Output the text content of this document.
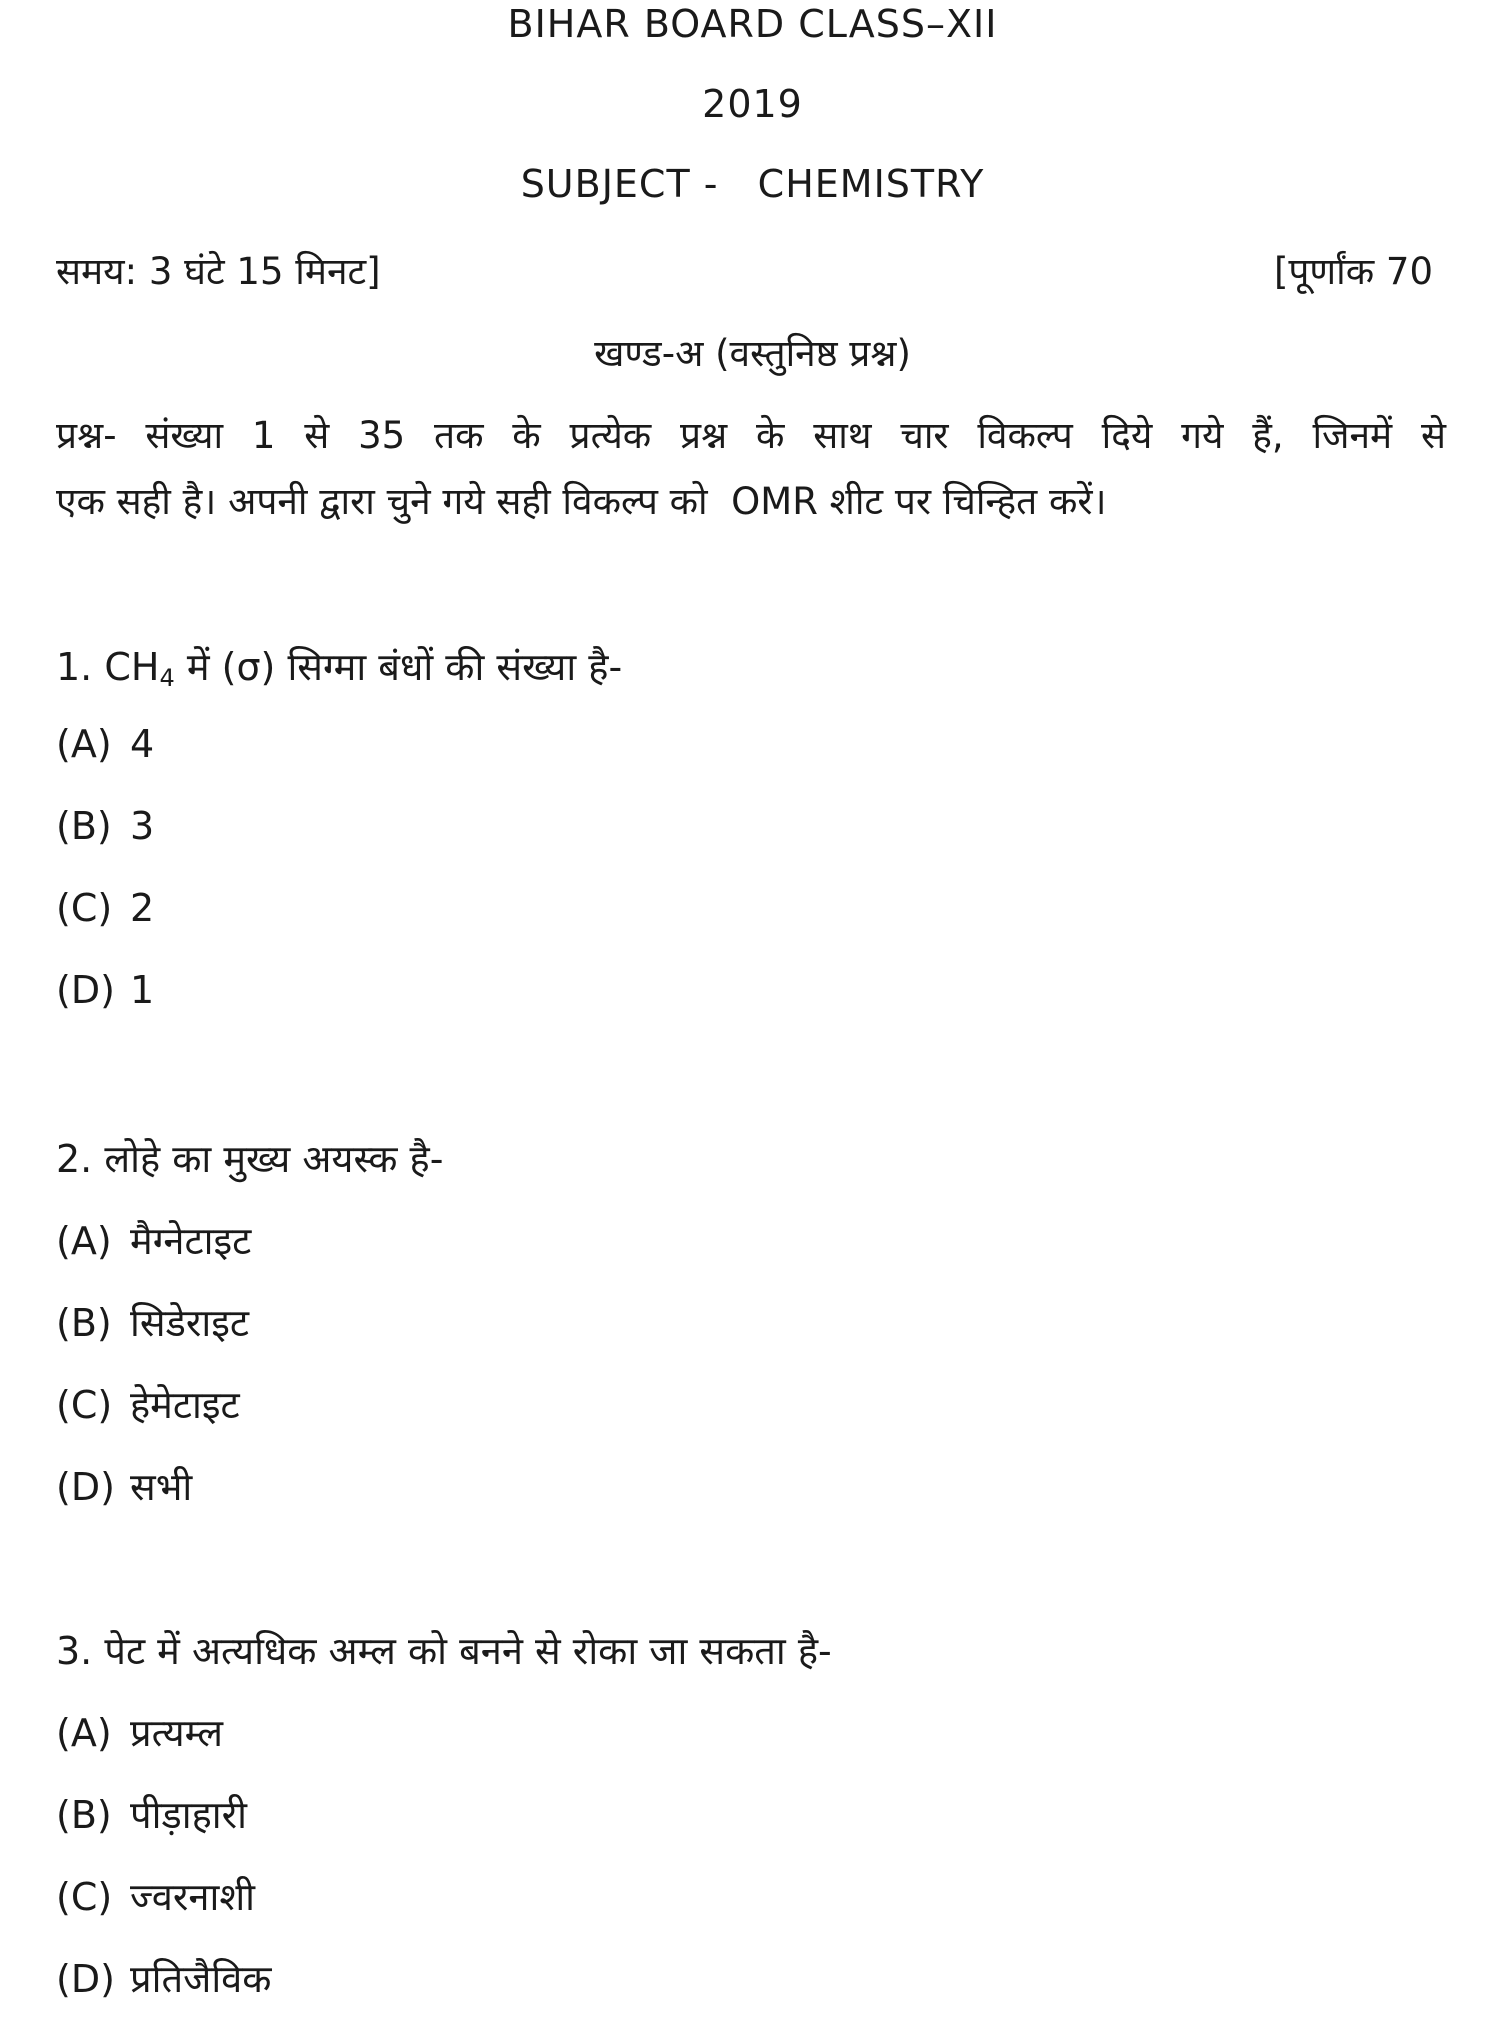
BIHAR BOARD CLASS–XII
2019
SUBJECT -   CHEMISTRY
समय: 3 घंटे 15 मिनट]	[पूर्णांक 70
खण्ड-अ (वस्तुनिष्ठ प्रश्न)
प्रश्न- संख्या 1 से 35 तक के प्रत्येक प्रश्न के साथ चार विकल्प दिये गये हैं, जिनमें से
एक सही है। अपनी द्वारा चुने गये सही विकल्प को  OMR शीट पर चिन्हित करें।
1. $CH_4$ में (σ) सिग्मा बंधों की संख्या है-
(A) 4
(B) 3
(C) 2
(D) 1
2. लोहे का मुख्य अयस्क है-
(A) मैग्नेटाइट
(B) सिडेराइट
(C) हेमेटाइट
(D) सभी
3. पेट में अत्यधिक अम्ल को बनने से रोका जा सकता है-
(A) प्रत्यम्ल
(B) पीड़ाहारी
(C) ज्वरनाशी
(D) प्रतिजैविक
